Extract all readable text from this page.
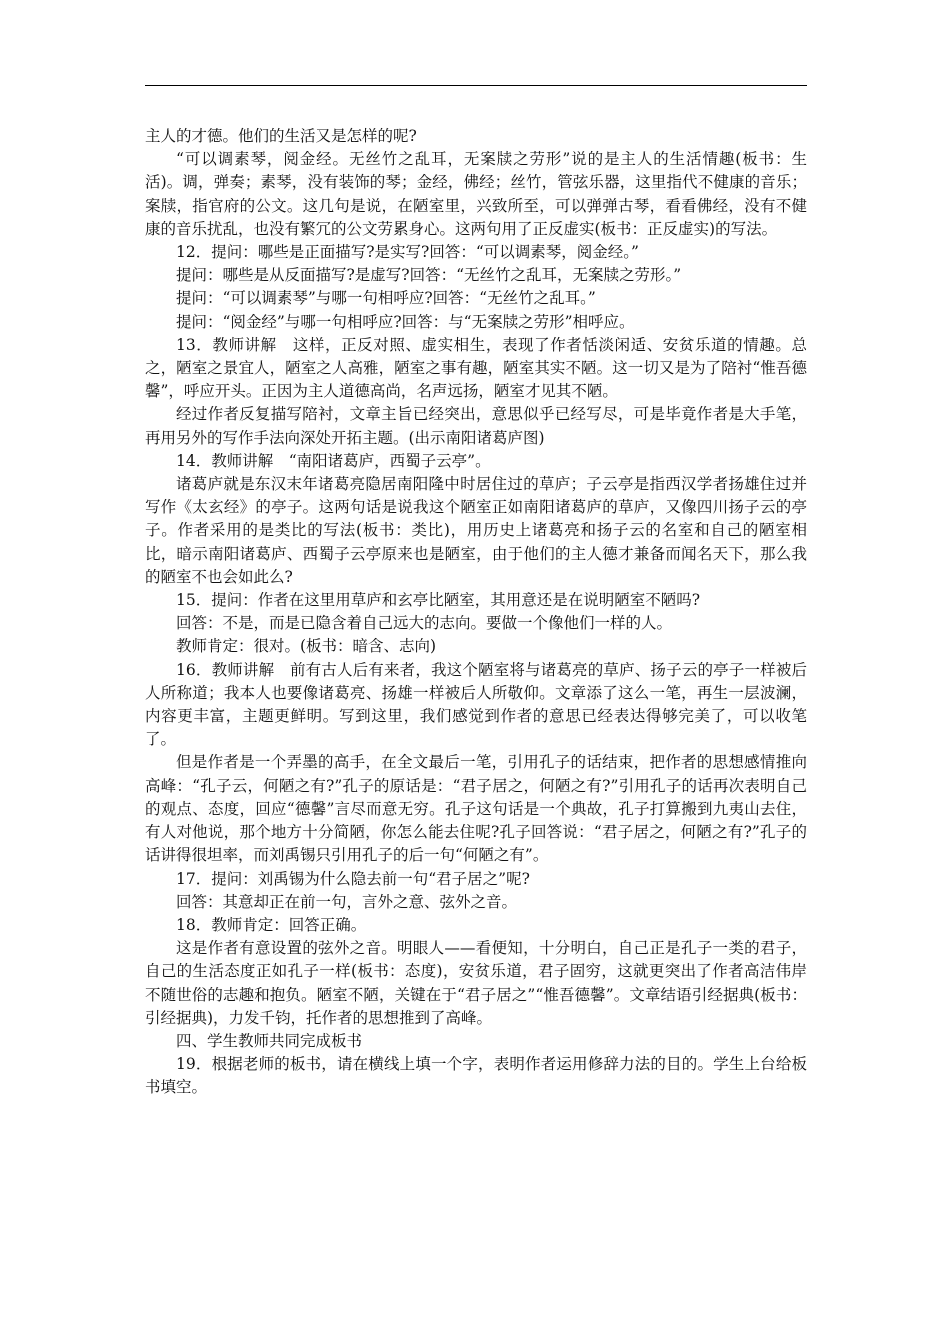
主人的才德。他们的生活又是怎样的呢?

“可以调素琴，阅金经。无丝竹之乱耳，无案牍之劳形”说的是主人的生活情趣(板书：生活)。调，弹奏；素琴，没有装饰的琴；金经，佛经；丝竹，管弦乐器，这里指代不健康的音乐；案牍，指官府的公文。这几句是说，在陋室里，兴致所至，可以弹弹古琴，看看佛经，没有不健康的音乐扰乱，也没有繁冗的公文劳累身心。这两句用了正反虚实(板书：正反虚实)的写法。

12．提问：哪些是正面描写?是实写?回答：“可以调素琴，阅金经。”

提问：哪些是从反面描写?是虚写?回答：“无丝竹之乱耳，无案牍之劳形。”

提问：“可以调素琴”与哪一句相呼应?回答：“无丝竹之乱耳。”

提问：“阅金经”与哪一句相呼应?回答：与“无案牍之劳形”相呼应。

13．教师讲解　这样，正反对照、虚实相生，表现了作者恬淡闲适、安贫乐道的情趣。总之，陋室之景宜人，陋室之人高雅，陋室之事有趣，陋室其实不陋。这一切又是为了陪衬“惟吾德馨”，呼应开头。正因为主人道德高尚，名声远扬，陋室才见其不陋。

经过作者反复描写陪衬，文章主旨已经突出，意思似乎已经写尽，可是毕竟作者是大手笔，再用另外的写作手法向深处开拓主题。(出示南阳诸葛庐图)

14．教师讲解　“南阳诸葛庐，西蜀子云亭”。

诸葛庐就是东汉末年诸葛亮隐居南阳隆中时居住过的草庐；子云亭是指西汉学者扬雄住过并写作《太玄经》的亭子。这两句话是说我这个陋室正如南阳诸葛庐的草庐，又像四川扬子云的亭子。作者采用的是类比的写法(板书：类比)，用历史上诸葛亮和扬子云的名室和自己的陋室相比，暗示南阳诸葛庐、西蜀子云亭原来也是陋室，由于他们的主人德才兼备而闻名天下，那么我的陋室不也会如此么?

15．提问：作者在这里用草庐和玄亭比陋室，其用意还是在说明陋室不陋吗?

回答：不是，而是已隐含着自己远大的志向。要做一个像他们一样的人。

教师肯定：很对。(板书：暗含、志向)

16．教师讲解　前有古人后有来者，我这个陋室将与诸葛亮的草庐、扬子云的亭子一样被后人所称道；我本人也要像诸葛亮、扬雄一样被后人所敬仰。文章添了这么一笔，再生一层波澜，内容更丰富，主题更鲜明。写到这里，我们感觉到作者的意思已经表达得够完美了，可以收笔了。

但是作者是一个弄墨的高手，在全文最后一笔，引用孔子的话结束，把作者的思想感情推向高峰：“孔子云，何陋之有?”孔子的原话是：“君子居之，何陋之有?”引用孔子的话再次表明自己的观点、态度，回应“德馨”言尽而意无穷。孔子这句话是一个典故，孔子打算搬到九夷山去住，有人对他说，那个地方十分简陋，你怎么能去住呢?孔子回答说：“君子居之，何陋之有?”孔子的话讲得很坦率，而刘禹锡只引用孔子的后一句“何陋之有”。

17．提问：刘禹锡为什么隐去前一句“君子居之”呢?

回答：其意却正在前一句，言外之意、弦外之音。

18．教师肯定：回答正确。

这是作者有意设置的弦外之音。明眼人——看便知，十分明白，自己正是孔子一类的君子，自己的生活态度正如孔子一样(板书：态度)，安贫乐道，君子固穷，这就更突出了作者高洁伟岸不随世俗的志趣和抱负。陋室不陋，关键在于“君子居之”“惟吾德馨”。文章结语引经据典(板书：引经据典)，力发千钧，托作者的思想推到了高峰。

四、学生教师共同完成板书

19．根据老师的板书，请在横线上填一个字，表明作者运用修辞力法的目的。学生上台给板书填空。
